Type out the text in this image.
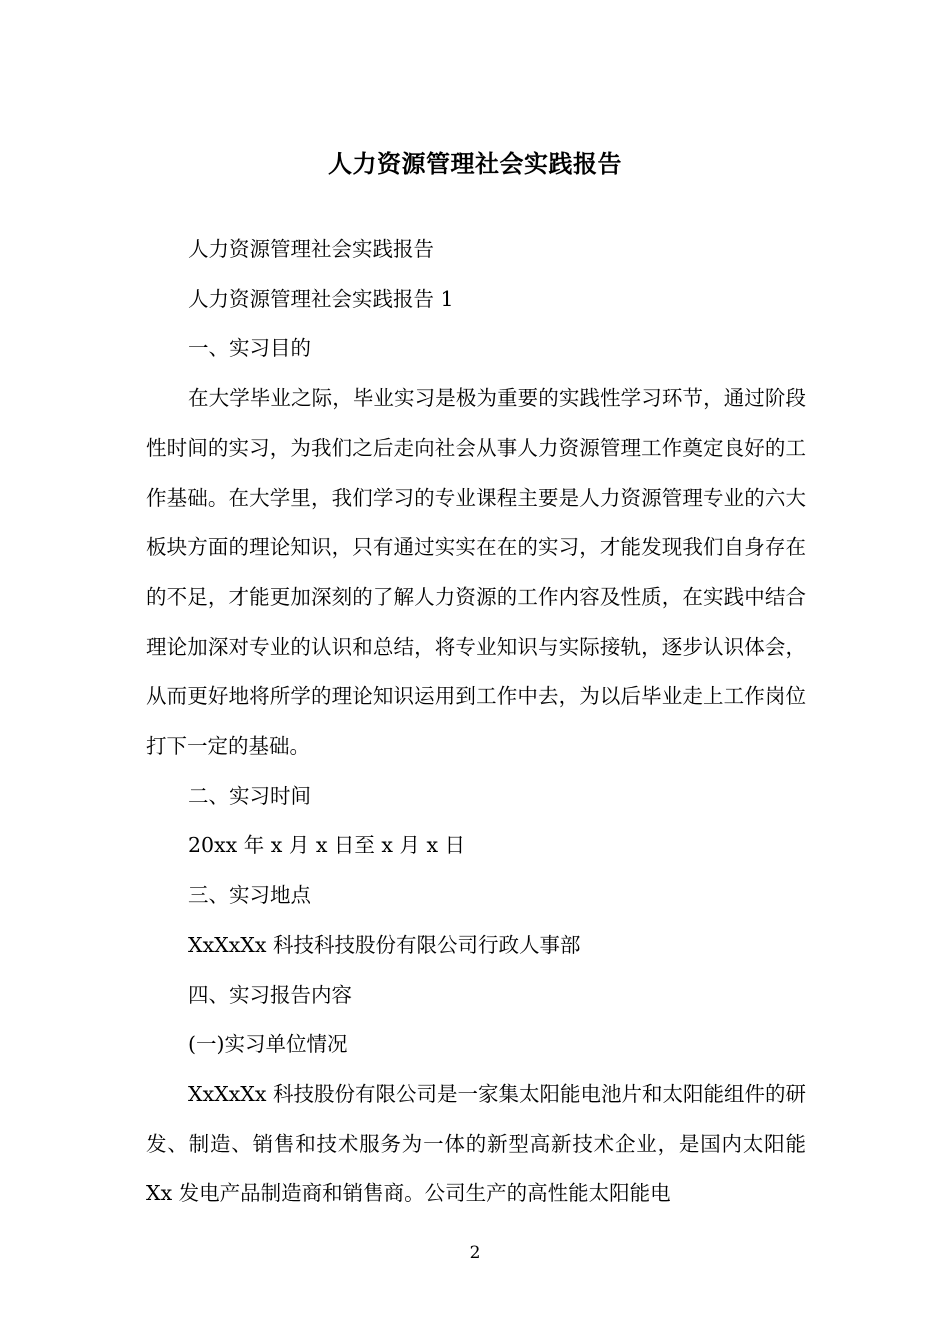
人力资源管理社会实践报告

人力资源管理社会实践报告

人力资源管理社会实践报告 1

一、实习目的

在大学毕业之际，毕业实习是极为重要的实践性学习环节，通过阶段性时间的实习，为我们之后走向社会从事人力资源管理工作奠定良好的工作基础。在大学里，我们学习的专业课程主要是人力资源管理专业的六大板块方面的理论知识，只有通过实实在在的实习，才能发现我们自身存在的不足，才能更加深刻的了解人力资源的工作内容及性质，在实践中结合理论加深对专业的认识和总结，将专业知识与实际接轨，逐步认识体会，从而更好地将所学的理论知识运用到工作中去，为以后毕业走上工作岗位打下一定的基础。

二、实习时间

20xx 年 x 月 x 日至 x 月 x 日

三、实习地点

XxXxXx 科技科技股份有限公司行政人事部

四、实习报告内容

(一)实习单位情况

XxXxXx 科技股份有限公司是一家集太阳能电池片和太阳能组件的研发、制造、销售和技术服务为一体的新型高新技术企业，是国内太阳能 Xx 发电产品制造商和销售商。公司生产的高性能太阳能电

2
